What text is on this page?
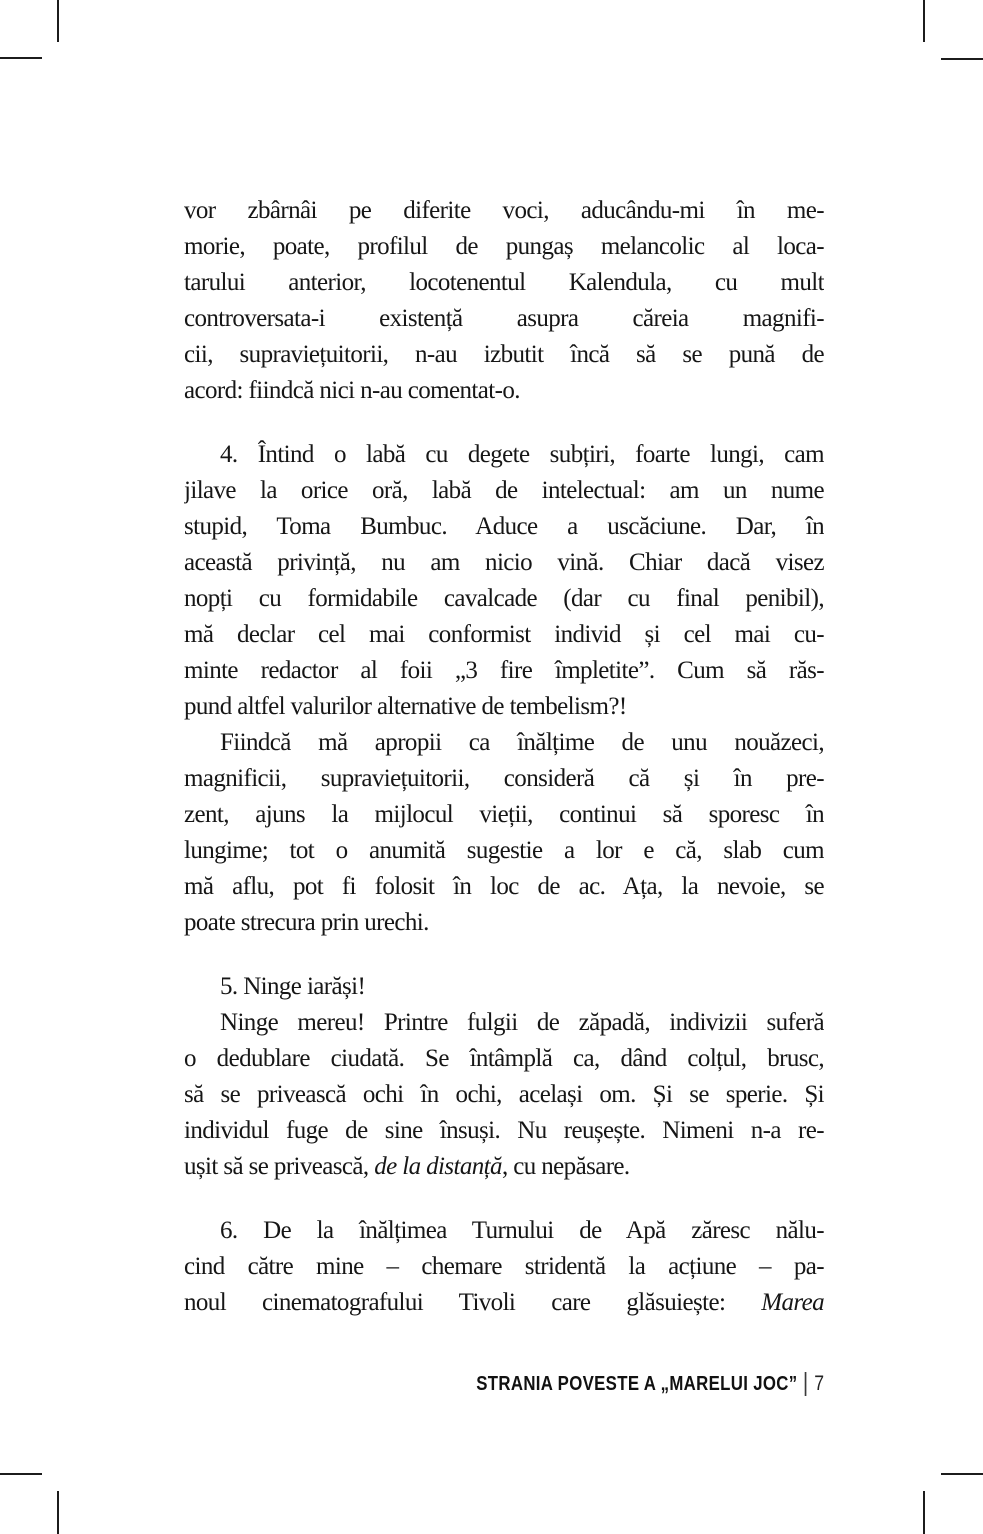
vor zbârnâi pe diferite voci, aducându-mi în me-
morie, poate, profilul de pungaș melancolic al loca-
tarului anterior, locotenentul Kalendula, cu mult
controversata-i existență asupra căreia magnifi-
cii, supraviețuitorii, n-au izbutit încă să se pună de
acord: fiindcă nici n-au comentat-o.
4. Întind o labă cu degete subțiri, foarte lungi, cam
jilave la orice oră, labă de intelectual: am un nume
stupid, Toma Bumbuc. Aduce a uscăciune. Dar, în
această privință, nu am nicio vină. Chiar dacă visez
nopți cu formidabile cavalcade (dar cu final penibil),
mă declar cel mai conformist individ și cel mai cu-
minte redactor al foii „3 fire împletite”. Cum să răs-
pund altfel valurilor alternative de tembelism?!
Fiindcă mă apropii ca înălțime de unu nouăzeci,
magnificii, supraviețuitorii, consideră că și în pre-
zent, ajuns la mijlocul vieții, continui să sporesc în
lungime; tot o anumită sugestie a lor e că, slab cum
mă aflu, pot fi folosit în loc de ac. Ața, la nevoie, se
poate strecura prin urechi.
5. Ninge iarăși!
Ninge mereu! Printre fulgii de zăpadă, indivizii suferă
o dedublare ciudată. Se întâmplă ca, dând colțul, brusc,
să se privească ochi în ochi, același om. Și se sperie. Și
individul fuge de sine însuși. Nu reușește. Nimeni n-a re-
ușit să se privească, de la distanță, cu nepăsare.
6. De la înălțimea Turnului de Apă zăresc nălu-
cind către mine – chemare stridentă la acțiune – pa-
noul cinematografului Tivoli care glăsuiește: Marea
STRANIA POVESTE A „MARELUI JOC” 7
